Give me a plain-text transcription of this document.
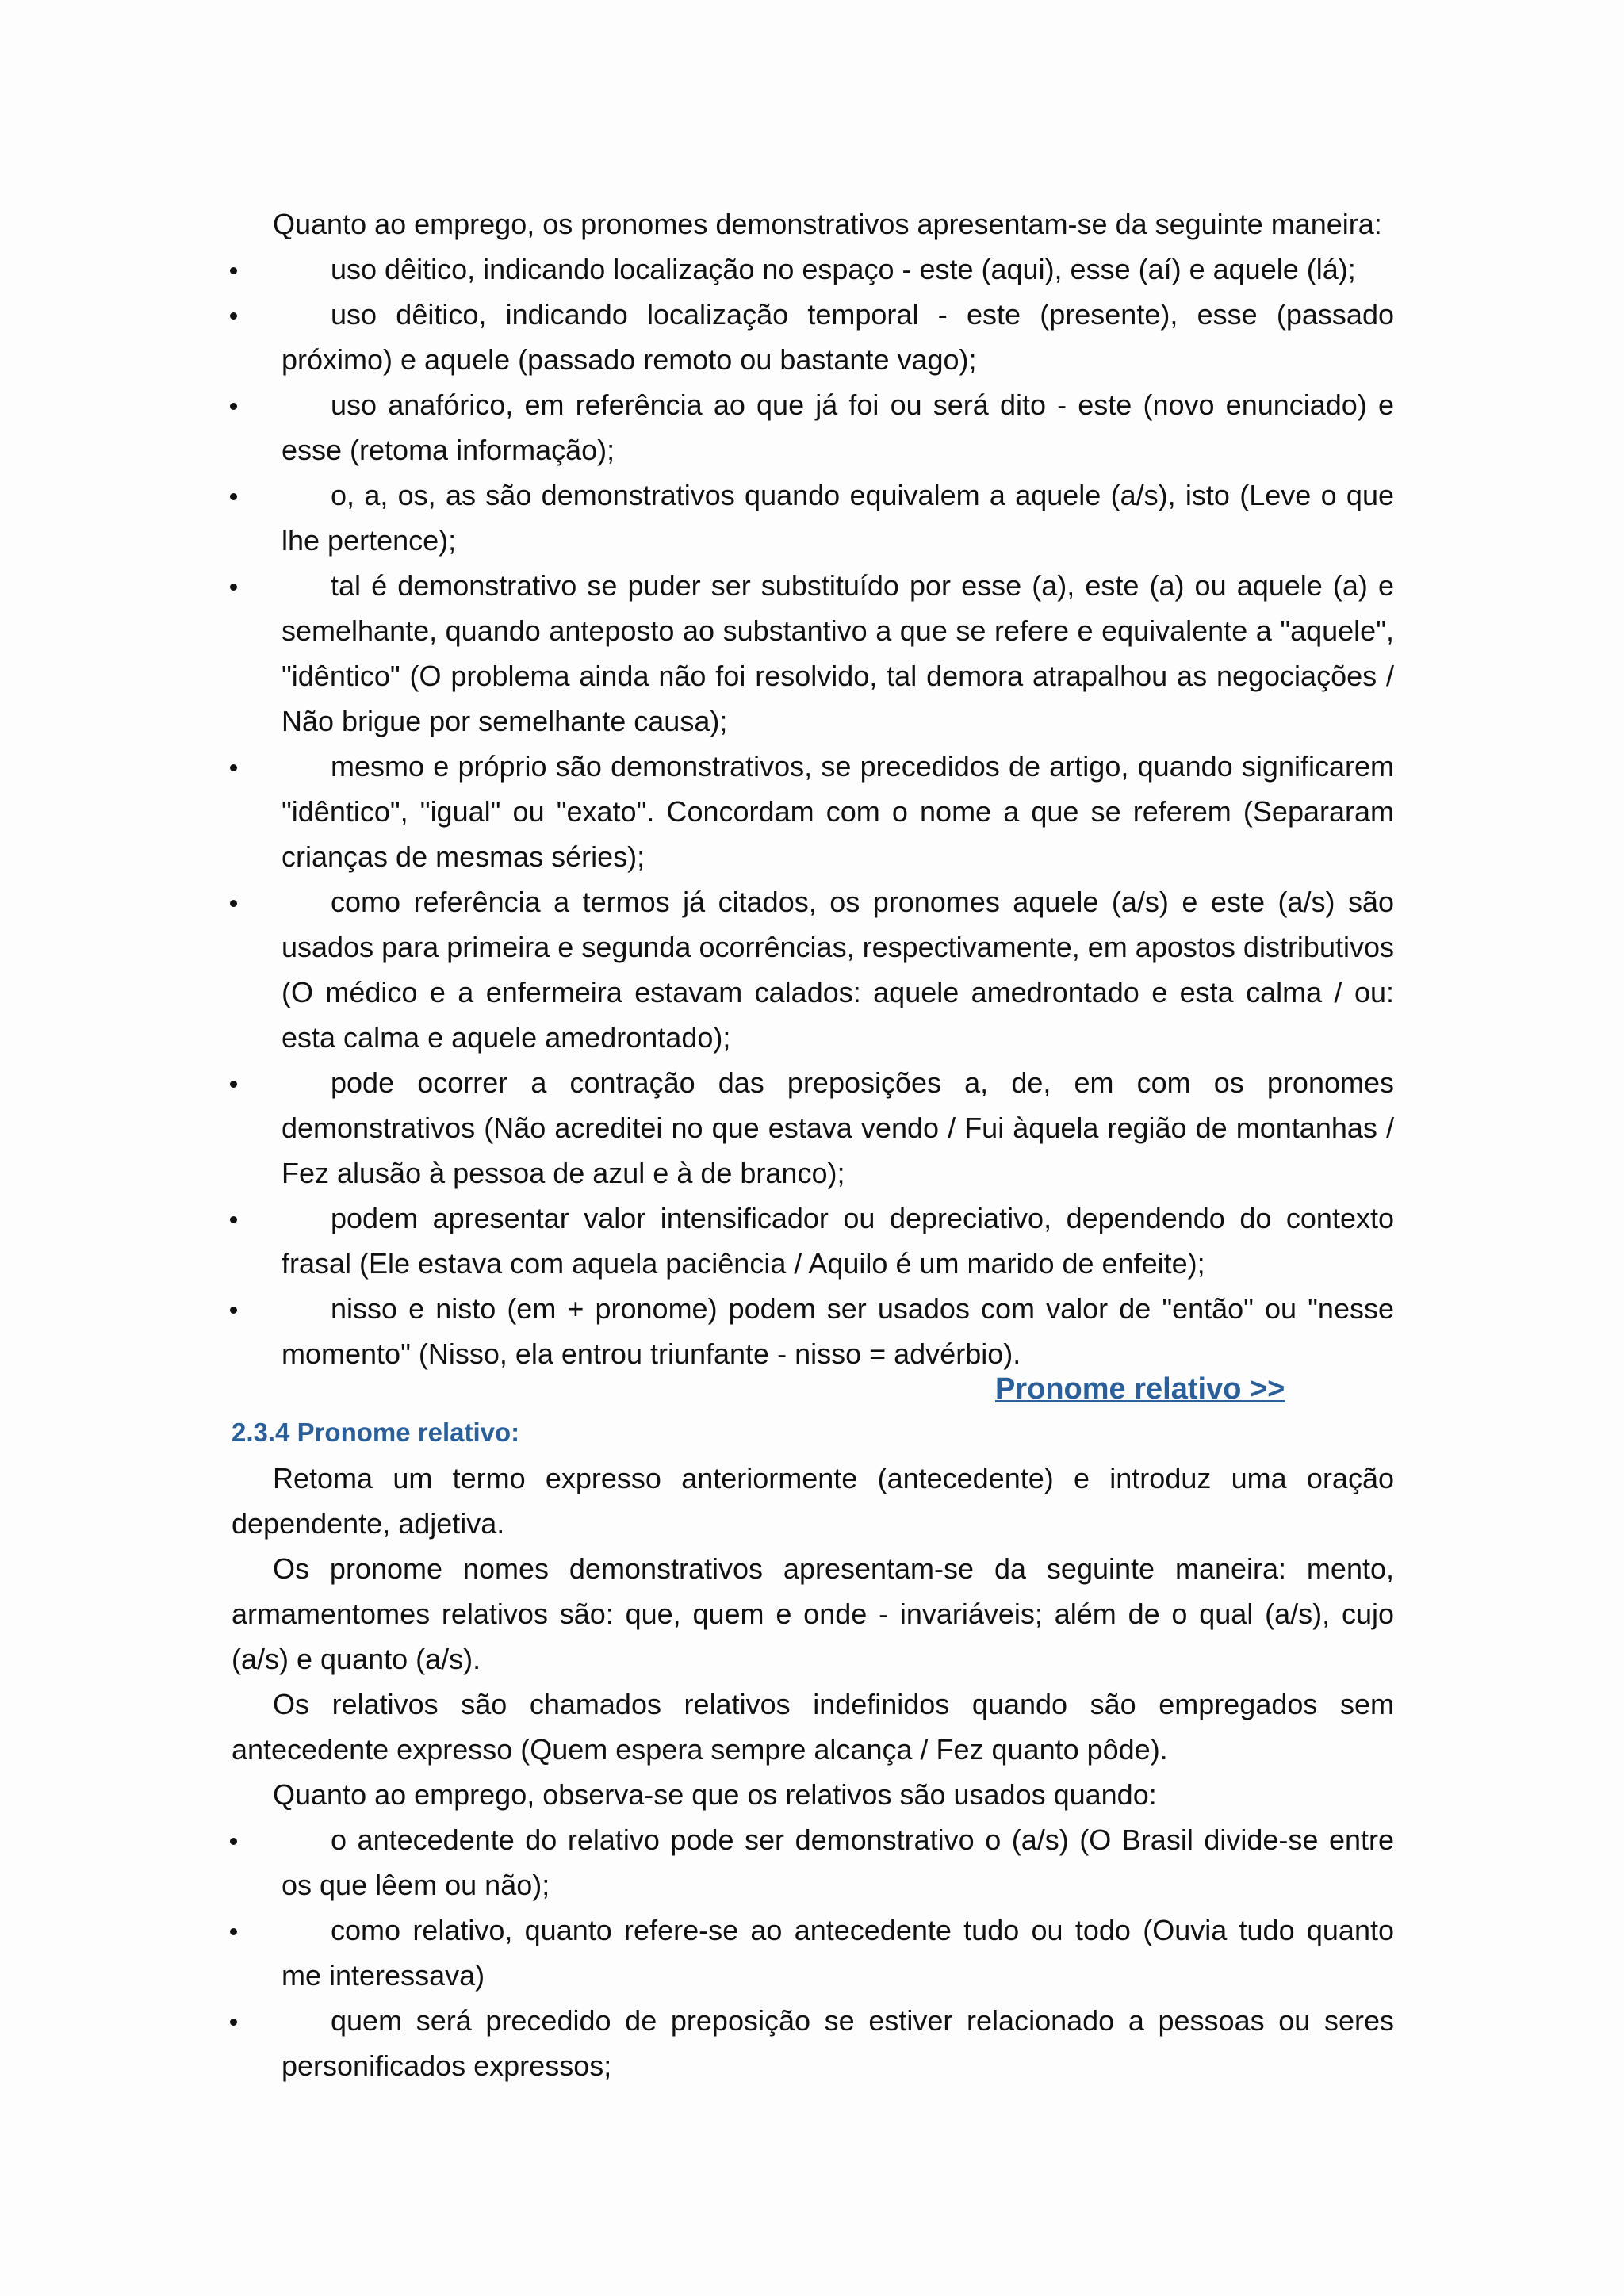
Quanto ao emprego, os pronomes demonstrativos apresentam-se da seguinte maneira:

uso dêitico, indicando localização no espaço - este (aqui), esse (aí) e aquele (lá);
uso dêitico, indicando localização temporal - este (presente), esse (passado próximo) e aquele (passado remoto ou bastante vago);
uso anafórico, em referência ao que já foi ou será dito - este (novo enunciado) e esse (retoma informação);
o, a, os, as são demonstrativos quando equivalem a aquele (a/s), isto (Leve o que lhe pertence);
tal é demonstrativo se puder ser substituído por esse (a), este (a) ou aquele (a) e semelhante, quando anteposto ao substantivo a que se refere e equivalente a "aquele", "idêntico" (O problema ainda não foi resolvido, tal demora atrapalhou as negociações / Não brigue por semelhante causa);
mesmo e próprio são demonstrativos, se precedidos de artigo, quando significarem "idêntico", "igual" ou "exato". Concordam com o nome a que se referem (Separaram crianças de mesmas séries);
como referência a termos já citados, os pronomes aquele (a/s) e este (a/s) são usados para primeira e segunda ocorrências, respectivamente, em apostos distributivos (O médico e a enfermeira estavam calados: aquele amedrontado e esta calma / ou: esta calma e aquele amedrontado);
pode ocorrer a contração das preposições a, de, em com os pronomes demonstrativos (Não acreditei no que estava vendo / Fui àquela região de montanhas / Fez alusão à pessoa de azul e à de branco);
podem apresentar valor intensificador ou depreciativo, dependendo do contexto frasal (Ele estava com aquela paciência / Aquilo é um marido de enfeite);
nisso e nisto (em + pronome) podem ser usados com valor de "então" ou "nesse momento" (Nisso, ela entrou triunfante - nisso = advérbio).
Pronome relativo >>
2.3.4 Pronome relativo:

Retoma um termo expresso anteriormente (antecedente) e introduz uma oração dependente, adjetiva.

Os pronome nomes demonstrativos apresentam-se da seguinte maneira: mento, armamentomes relativos são: que, quem e onde - invariáveis; além de o qual (a/s), cujo (a/s) e quanto (a/s).

Os relativos são chamados relativos indefinidos quando são empregados sem antecedente expresso (Quem espera sempre alcança / Fez quanto pôde).

Quanto ao emprego, observa-se que os relativos são usados quando:

o antecedente do relativo pode ser demonstrativo o (a/s) (O Brasil divide-se entre os que lêem ou não);
como relativo, quanto refere-se ao antecedente tudo ou todo (Ouvia tudo quanto me interessava)
quem será precedido de preposição se estiver relacionado a pessoas ou seres personificados expressos;
